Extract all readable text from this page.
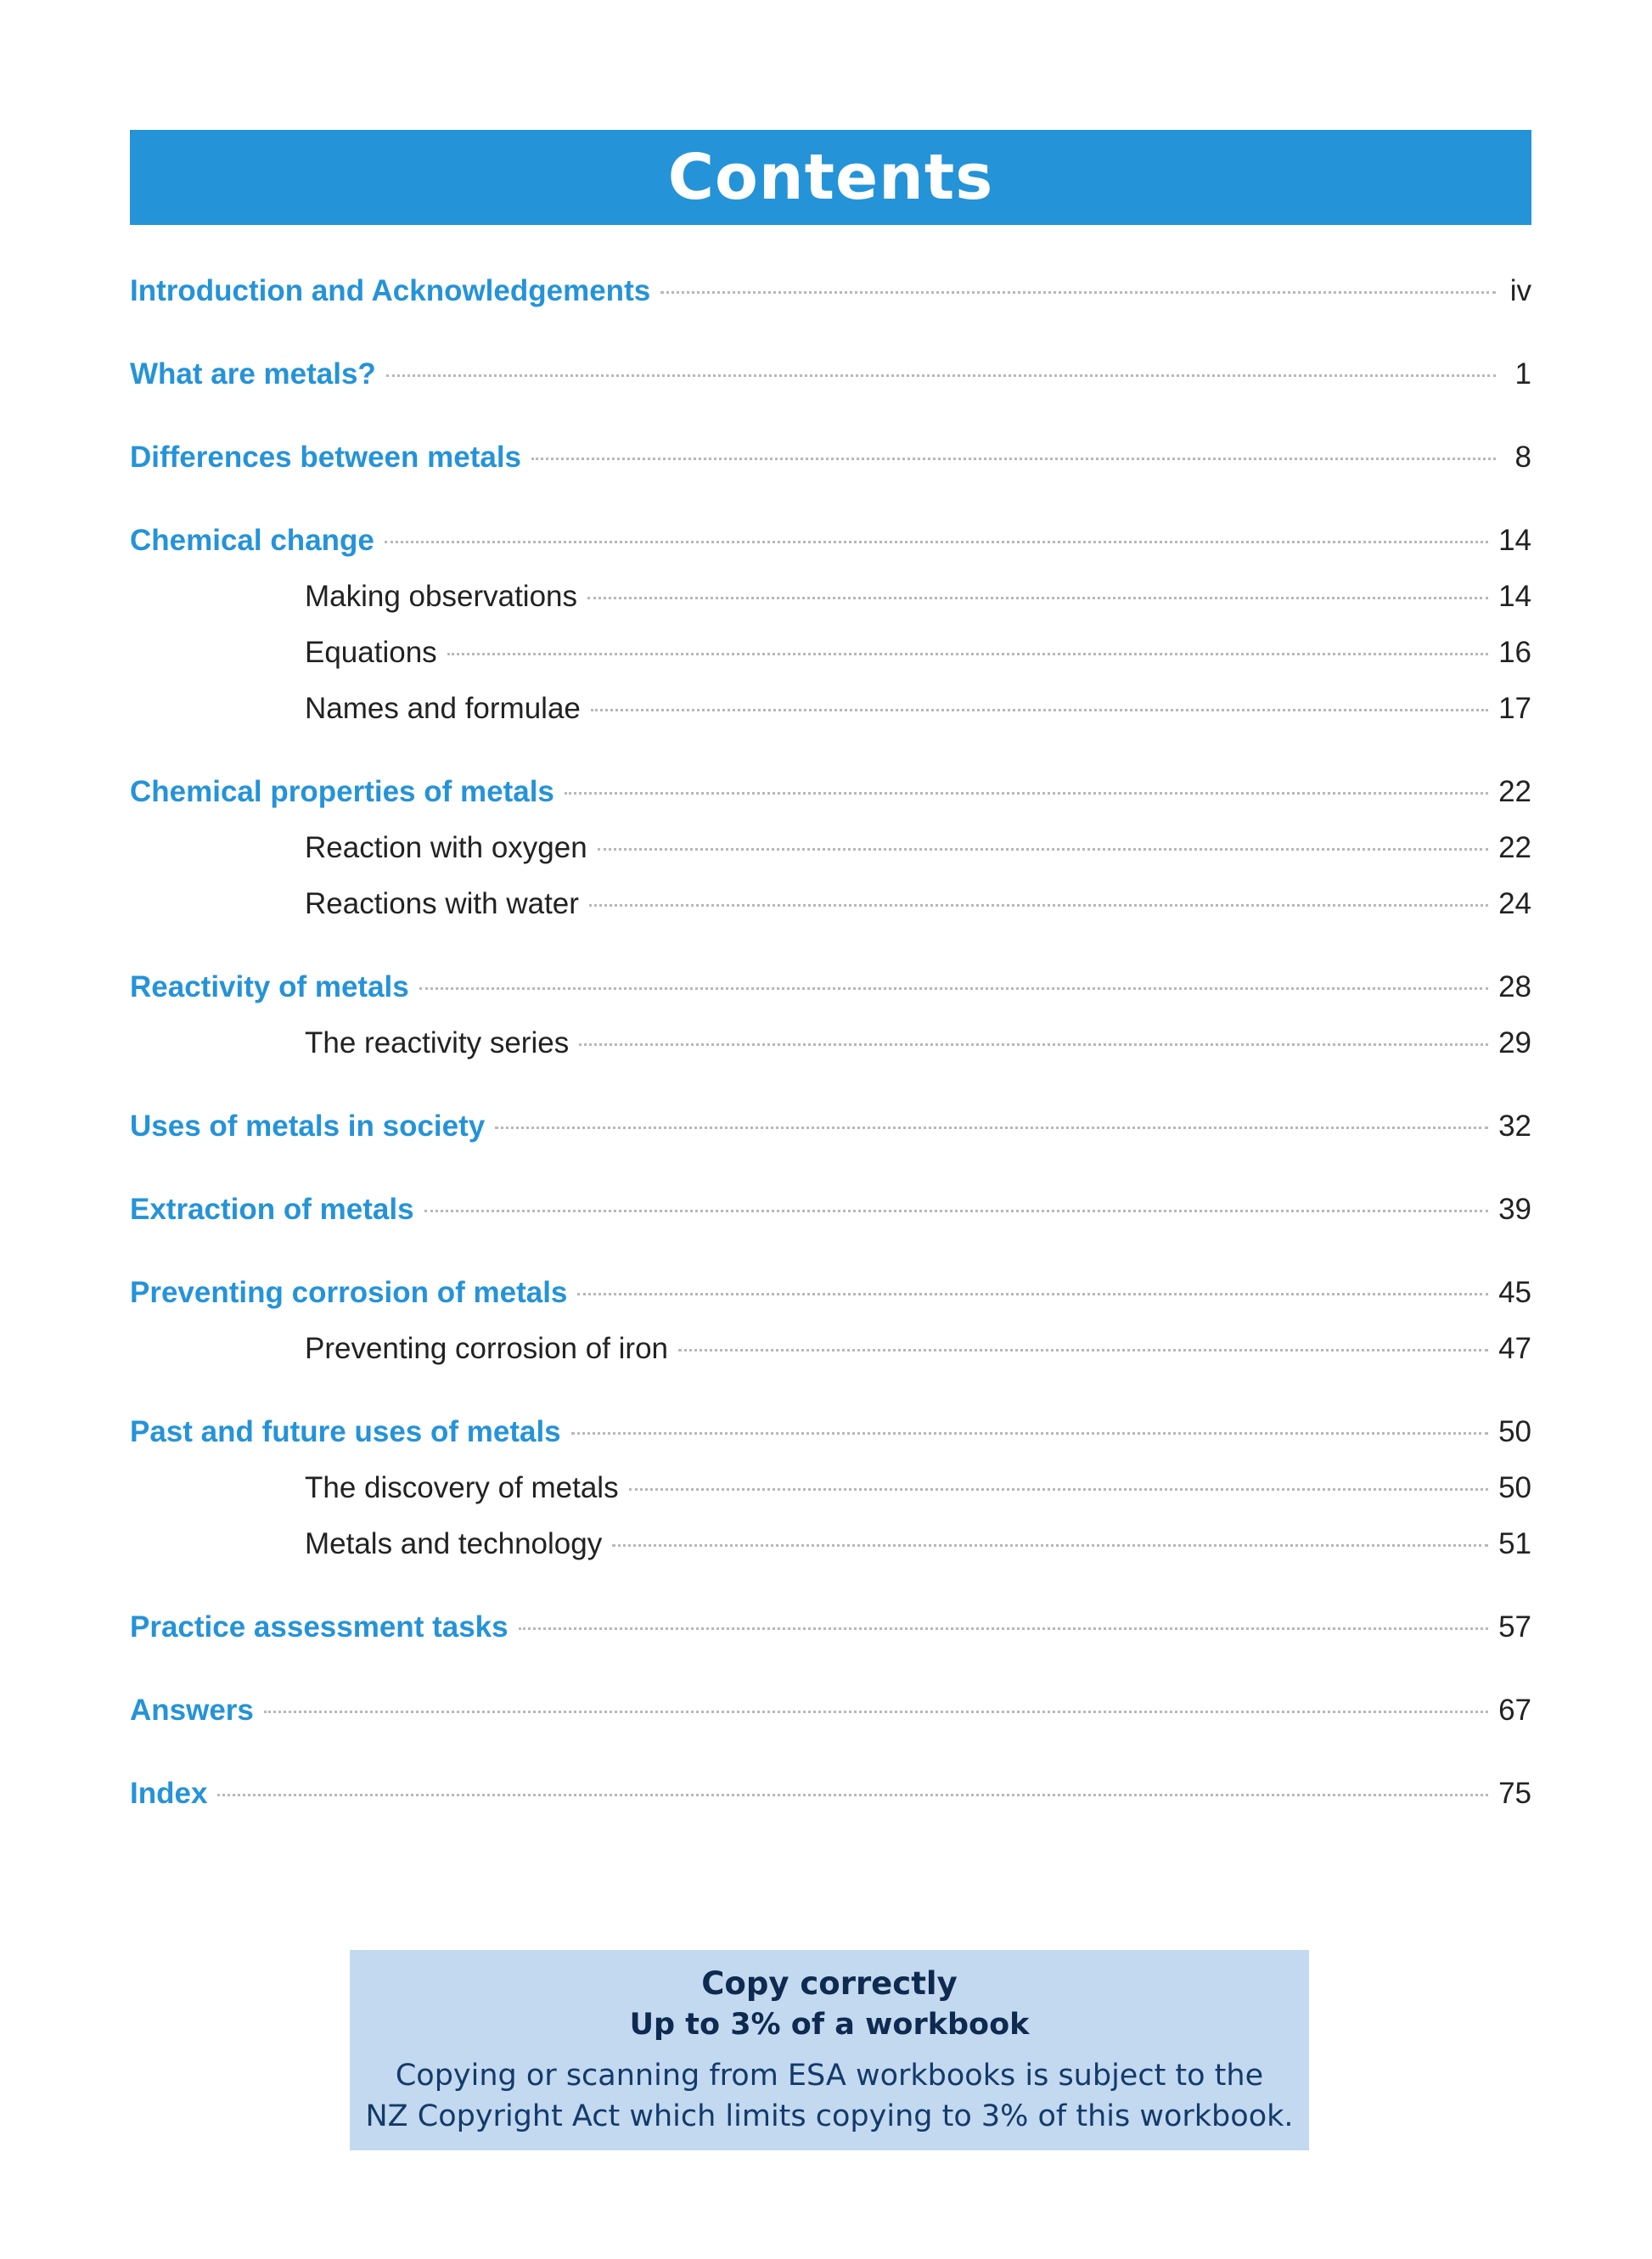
Contents
Introduction and Acknowledgements	iv
What are metals?	1
Differences between metals	8
Chemical change	14
Making observations	14
Equations	16
Names and formulae	17
Chemical properties of metals	22
Reaction with oxygen	22
Reactions with water	24
Reactivity of metals	28
The reactivity series	29
Uses of metals in society	32
Extraction of metals	39
Preventing corrosion of metals	45
Preventing corrosion of iron	47
Past and future uses of metals	50
The discovery of metals	50
Metals and technology	51
Practice assessment tasks	57
Answers	67
Index	75
Copy correctly
Up to 3% of a workbook
Copying or scanning from ESA workbooks is subject to the
NZ Copyright Act which limits copying to 3% of this workbook.
